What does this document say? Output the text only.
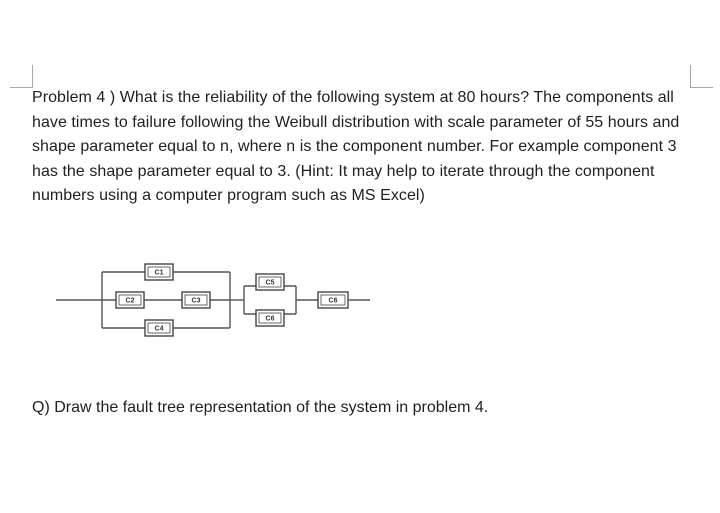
Problem 4 ) What is the reliability of the following system at 80 hours? The components all have times to failure following the Weibull distribution with scale parameter of 55 hours and shape parameter equal to n, where n is the component number. For example component 3 has the shape parameter equal to 3. (Hint: It may help to iterate through the component numbers using a computer program such as MS Excel)

C1
C2	C3
C4
C5
C6
C6

Q) Draw the fault tree representation of the system in problem 4.
